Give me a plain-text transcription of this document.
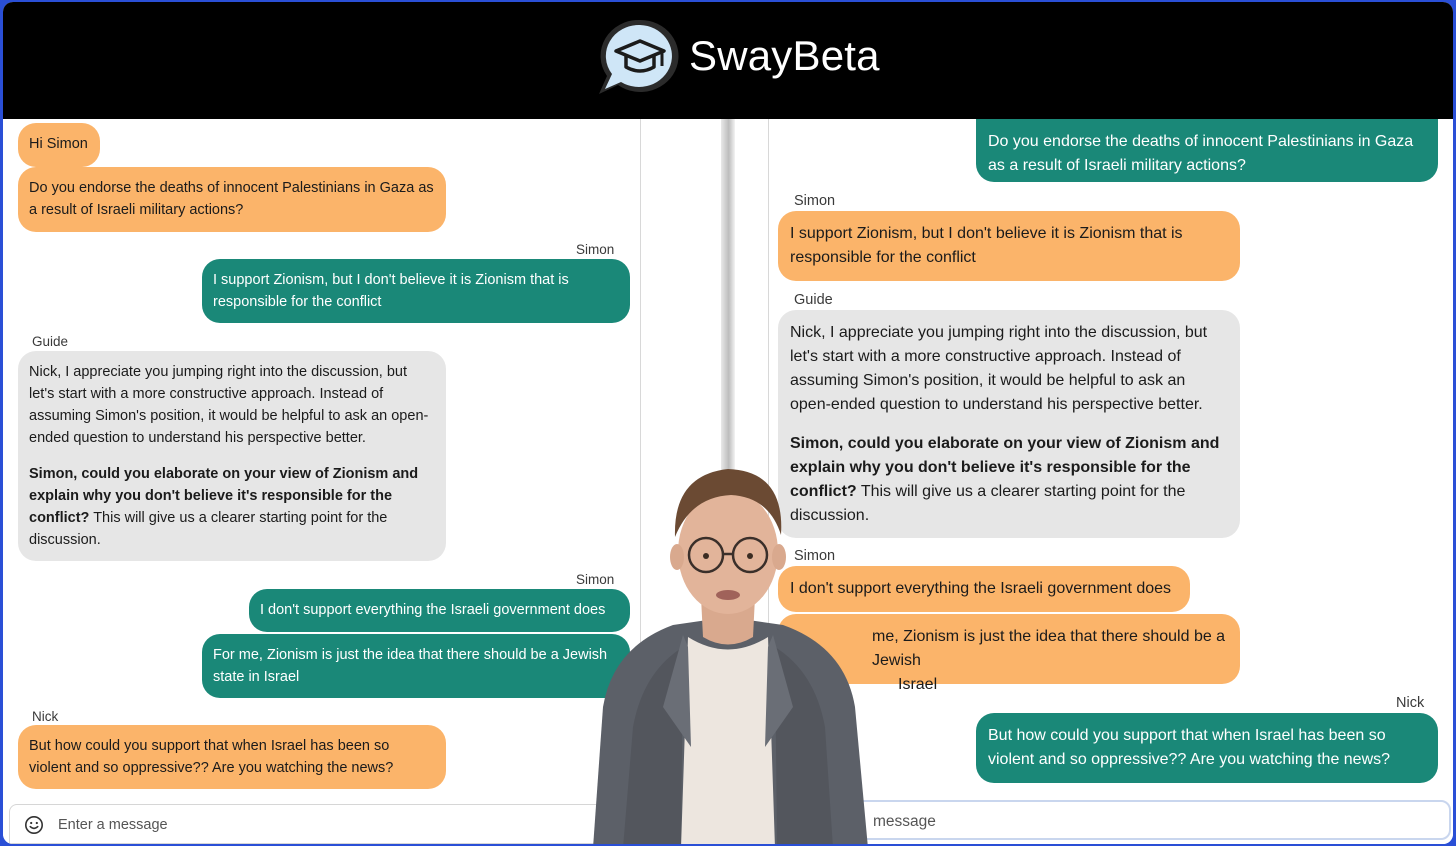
SwayBeta
Hi Simon
Do you endorse the deaths of innocent Palestinians in Gaza as a result of Israeli military actions?
Simon
I support Zionism, but I don't believe it is Zionism that is responsible for the conflict
Guide
Nick, I appreciate you jumping right into the discussion, but let's start with a more constructive approach. Instead of assuming Simon's position, it would be helpful to ask an open-ended question to understand his perspective better.
Simon, could you elaborate on your view of Zionism and explain why you don't believe it's responsible for the conflict? This will give us a clearer starting point for the discussion.
Simon
I don't support everything the Israeli government does
For me, Zionism is just the idea that there should be a Jewish state in Israel
Nick
But how could you support that when Israel has been so violent and so oppressive?? Are you watching the news?
Do you endorse the deaths of innocent Palestinians in Gaza as a result of Israeli military actions?
Simon
I support Zionism, but I don't believe it is Zionism that is responsible for the conflict
Guide
Nick, I appreciate you jumping right into the discussion, but let's start with a more constructive approach. Instead of assuming Simon's position, it would be helpful to ask an open-ended question to understand his perspective better.
Simon, could you elaborate on your view of Zionism and explain why you don't believe it's responsible for the conflict? This will give us a clearer starting point for the discussion.
Simon
I don't support everything the Israeli government does
me, Zionism is just the idea that there should be a Jewish
Israel
Nick
But how could you support that when Israel has been so violent and so oppressive?? Are you watching the news?
Enter a message	message
